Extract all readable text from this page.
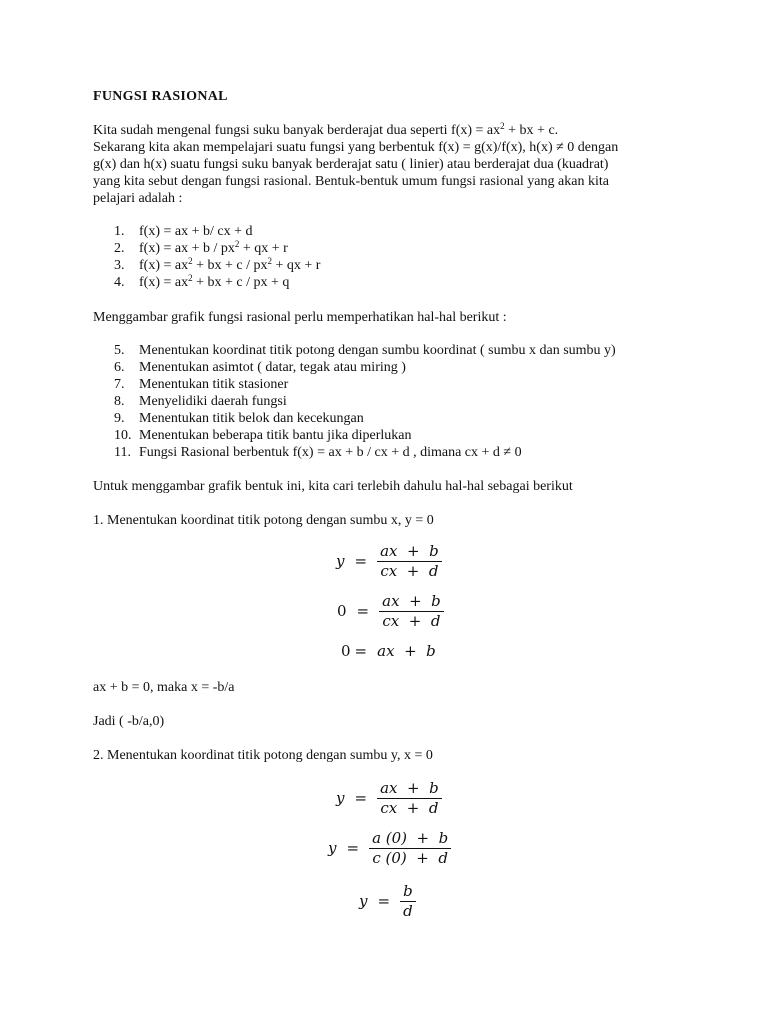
FUNGSI RASIONAL

Kita sudah mengenal fungsi suku banyak berderajat dua seperti $f(x) = ax^2$ + bx + c.

Sekarang kita akan mempelajari suatu fungsi yang berbentuk f(x) = g(x)/f(x), h(x) ≠ 0 dengan

g(x) dan h(x) suatu fungsi suku banyak berderajat satu ( linier) atau berderajat dua (kuadrat)

yang kita sebut dengan fungsi rasional. Bentuk-bentuk umum fungsi rasional yang akan kita

pelajari adalah :

1. f(x) = ax + b/ cx + d
2. f(x) = ax + b / $px^2$ + qx + r
3. $f(x) = ax^2$ + bx + c / $px^2$ + qx + r
4. $f(x) = ax^2$ + bx + c / px + q
Menggambar grafik fungsi rasional perlu memperhatikan hal-hal berikut :
5. Menentukan koordinat titik potong dengan sumbu koordinat ( sumbu x dan sumbu y)
6. Menentukan asimtot ( datar, tegak atau miring )
7. Menentukan titik stasioner
8. Menyelidiki daerah fungsi
9. Menentukan titik belok dan kecekungan
10. Menentukan beberapa titik bantu jika diperlukan
11. Fungsi Rasional berbentuk f(x) = ax + b / cx + d , dimana cx + d ≠ 0
Untuk menggambar grafik bentuk ini, kita cari terlebih dahulu hal-hal sebagai berikut
1. Menentukan koordinat titik potong dengan sumbu x, y = 0
$y = \frac{ax + b}{cx + d}$
$0 = \frac{ax + b}{cx + d}$
0 = ax  +  b
ax + b = 0, maka x = -b/a
Jadi ( -b/a,0)
2. Menentukan koordinat titik potong dengan sumbu y, x = 0
$y = \frac{ax + b}{cx + d}$
$y = \frac{a (0) + b}{c (0) + d}$
$y = \frac{b}{d}$
